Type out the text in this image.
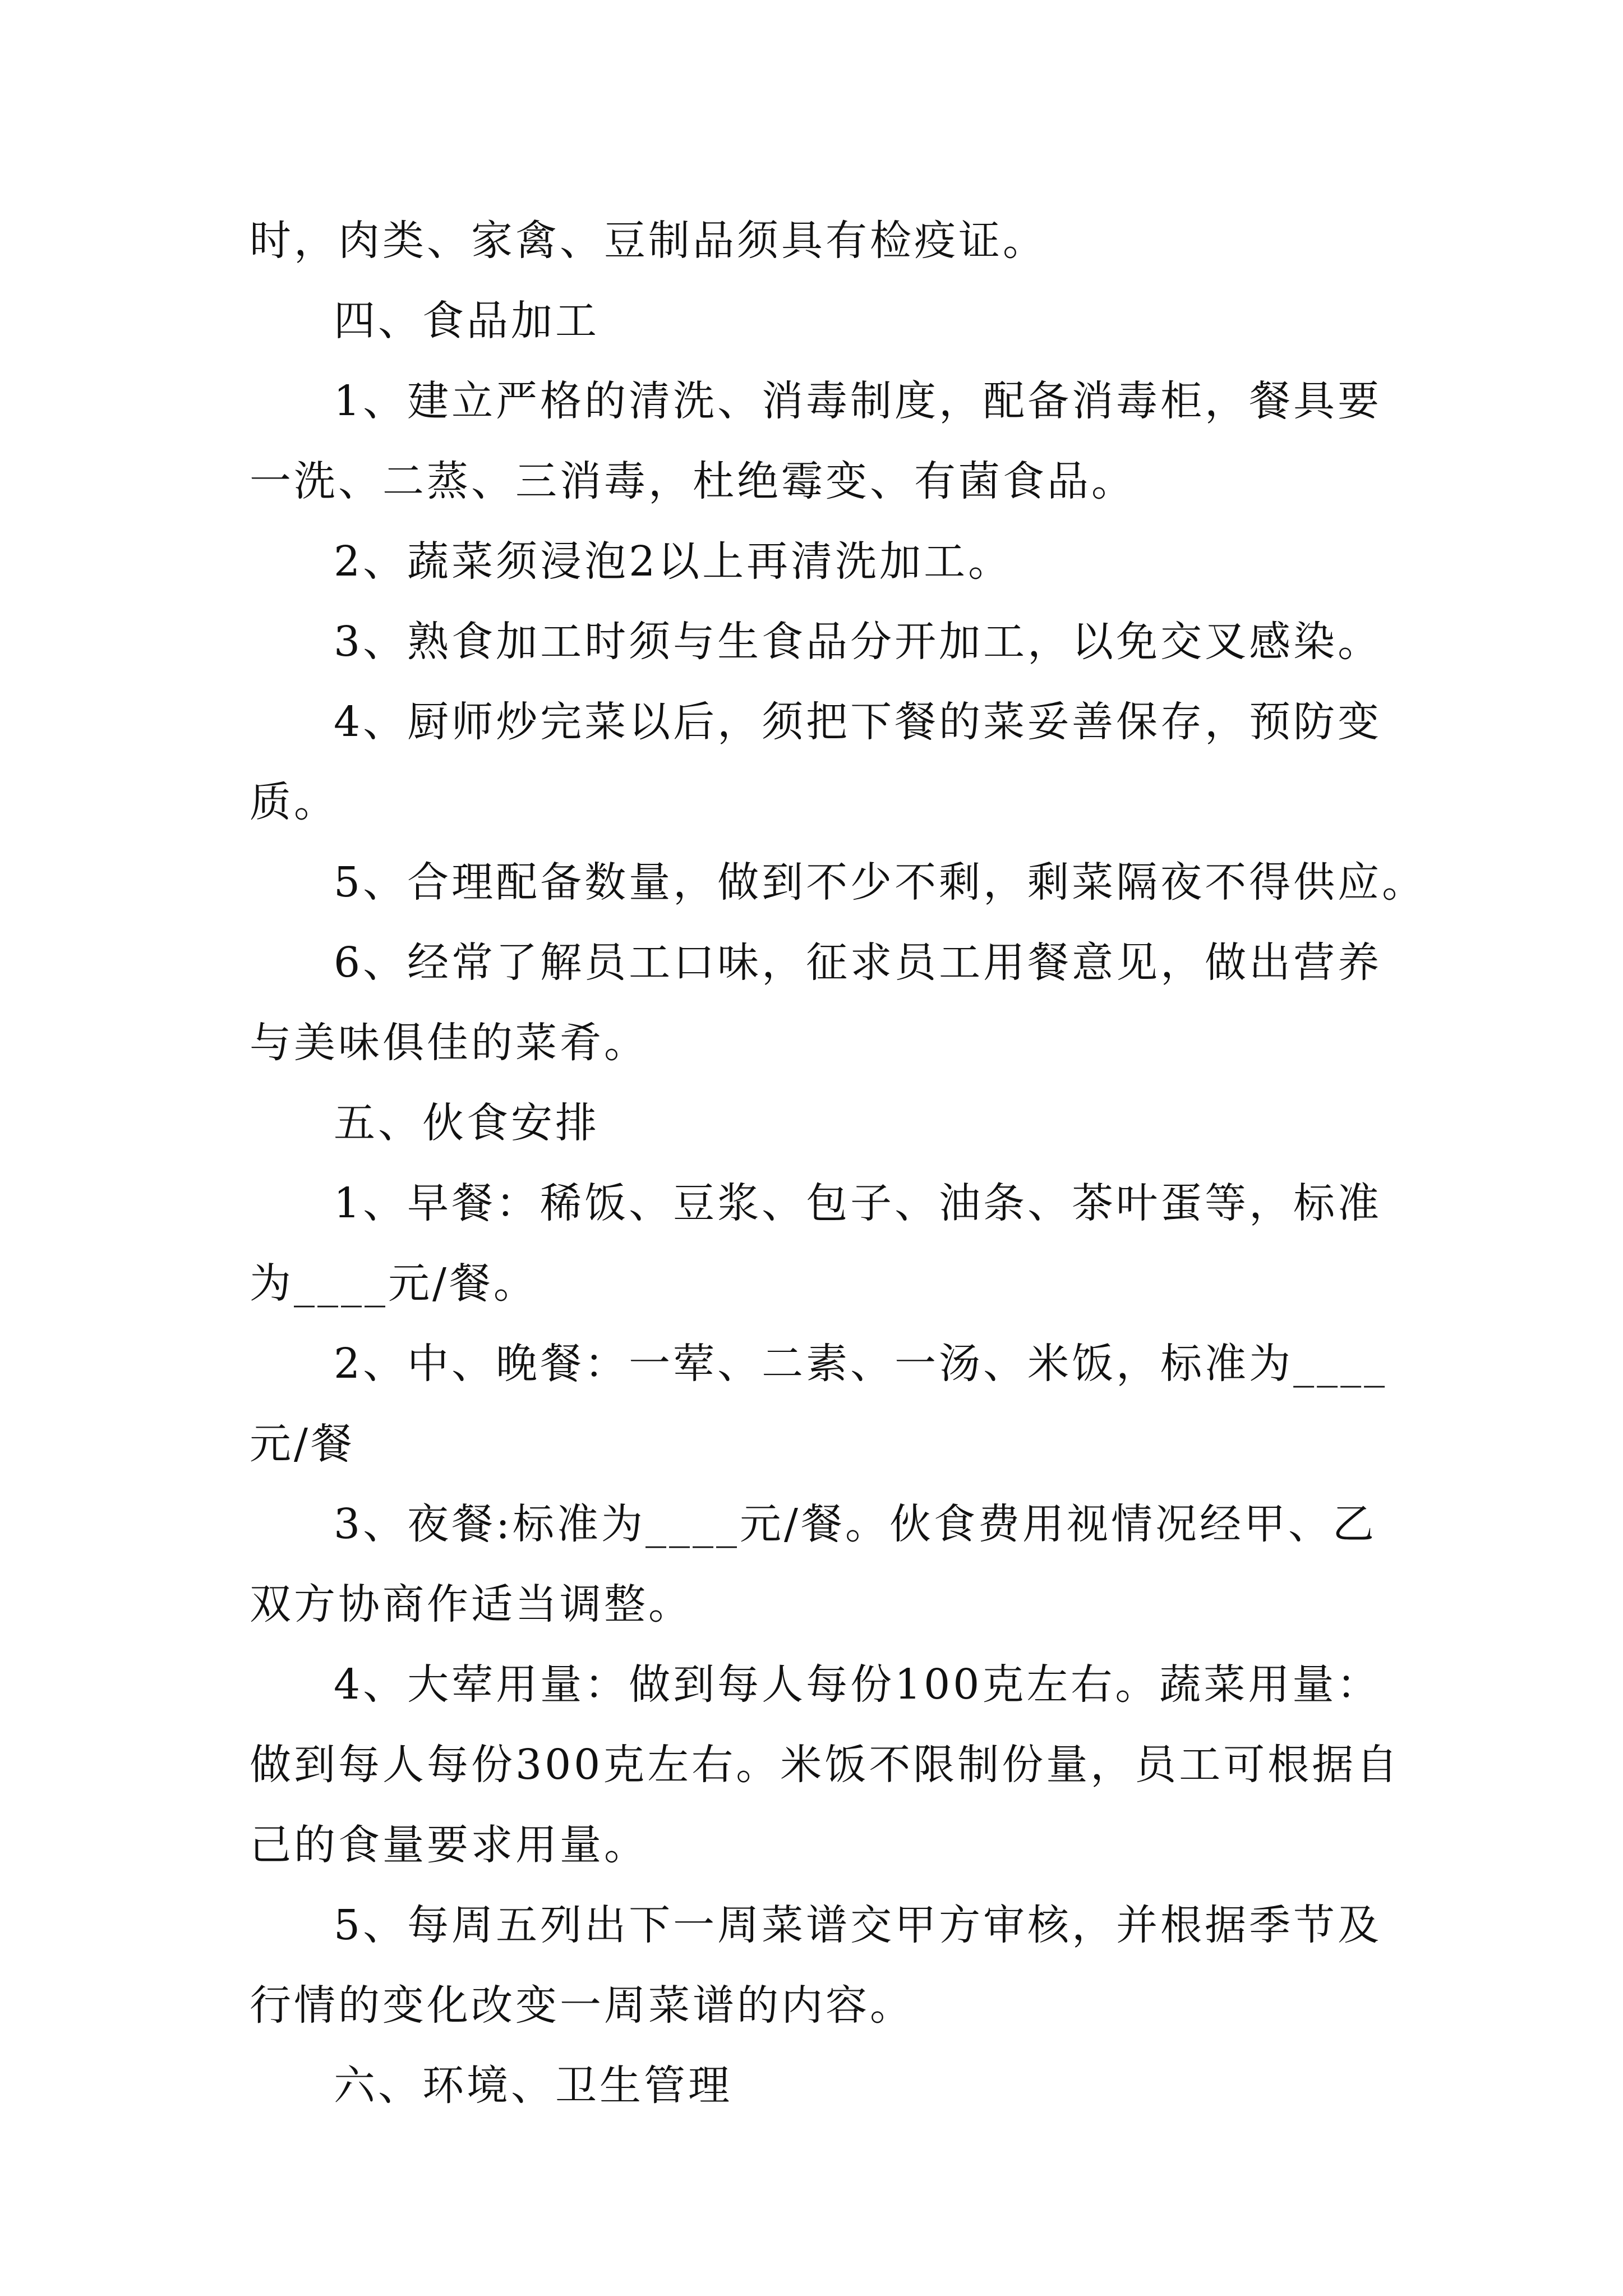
时，肉类、家禽、豆制品须具有检疫证。

四、食品加工

1、建立严格的清洗、消毒制度，配备消毒柜，餐具要

一洗、二蒸、三消毒，杜绝霉变、有菌食品。

2、蔬菜须浸泡2以上再清洗加工。

3、熟食加工时须与生食品分开加工，以免交叉感染。

4、厨师炒完菜以后，须把下餐的菜妥善保存，预防变

质。

5、合理配备数量，做到不少不剩，剩菜隔夜不得供应。

6、经常了解员工口味，征求员工用餐意见，做出营养

与美味俱佳的菜肴。

五、伙食安排

1、早餐：稀饭、豆浆、包子、油条、茶叶蛋等，标准

为____元/餐。

2、中、晚餐：一荤、二素、一汤、米饭，标准为____

元/餐

3、夜餐:标准为____元/餐。伙食费用视情况经甲、乙

双方协商作适当调整。

4、大荤用量：做到每人每份100克左右。蔬菜用量：

做到每人每份300克左右。米饭不限制份量，员工可根据自

己的食量要求用量。

5、每周五列出下一周菜谱交甲方审核，并根据季节及

行情的变化改变一周菜谱的内容。

六、环境、卫生管理
